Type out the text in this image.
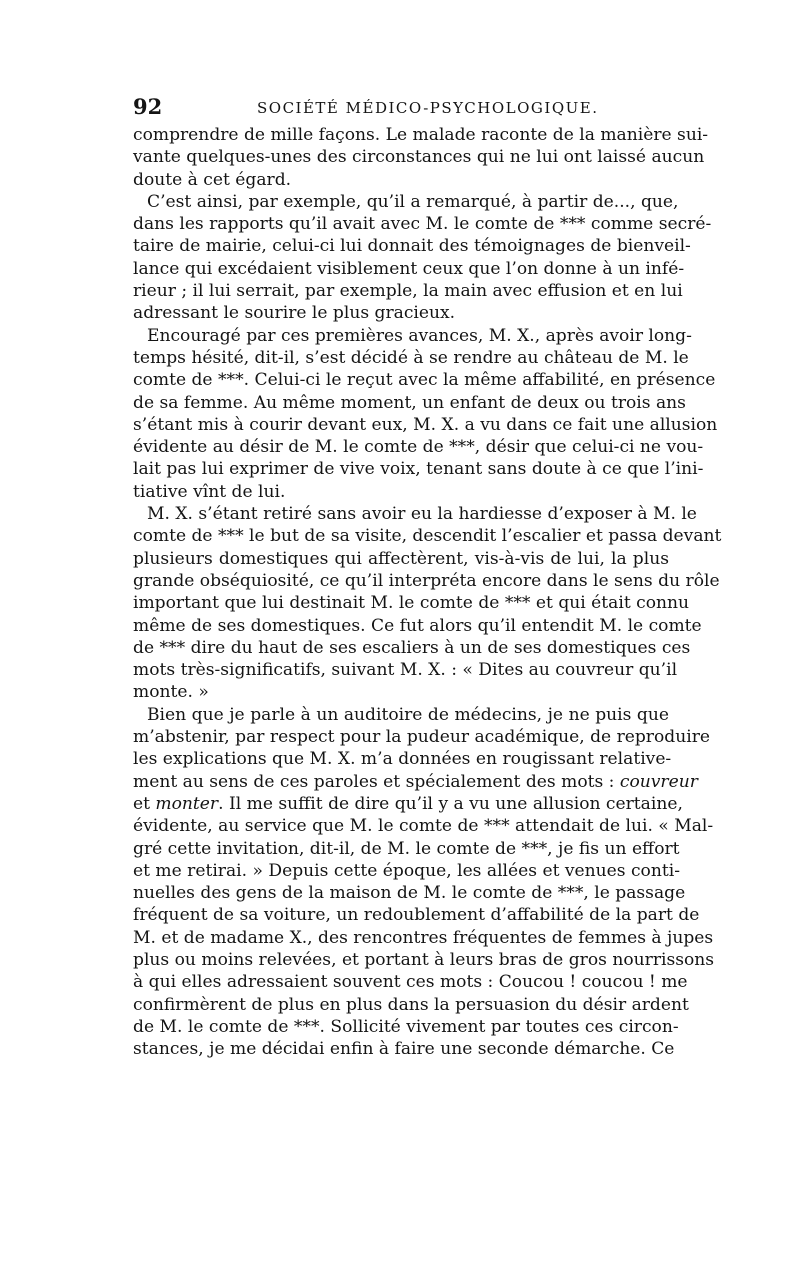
92	SOCIÉTÉ MÉDICO-PSYCHOLOGIQUE.
comprendre de mille façons. Le malade raconte de la manière sui-
vante quelques-unes des circonstances qui ne lui ont laissé aucun
doute à cet égard.
C’est ainsi, par exemple, qu’il a remarqué, à partir de..., que,
dans les rapports qu’il avait avec M. le comte de *** comme secré-
taire de mairie, celui-ci lui donnait des témoignages de bienveil-
lance qui excédaient visiblement ceux que l’on donne à un infé-
rieur ; il lui serrait, par exemple, la main avec effusion et en lui
adressant le sourire le plus gracieux.
Encouragé par ces premières avances, M. X., après avoir long-
temps hésité, dit-il, s’est décidé à se rendre au château de M. le
comte de ***. Celui-ci le reçut avec la même affabilité, en présence
de sa femme. Au même moment, un enfant de deux ou trois ans
s’étant mis à courir devant eux, M. X. a vu dans ce fait une allusion
évidente au désir de M. le comte de ***, désir que celui-ci ne vou-
lait pas lui exprimer de vive voix, tenant sans doute à ce que l’ini-
tiative vînt de lui.
M. X. s’étant retiré sans avoir eu la hardiesse d’exposer à M. le
comte de *** le but de sa visite, descendit l’escalier et passa devant
plusieurs domestiques qui affectèrent, vis-à-vis de lui, la plus
grande obséquiosité, ce qu’il interpréta encore dans le sens du rôle
important que lui destinait M. le comte de *** et qui était connu
même de ses domestiques. Ce fut alors qu’il entendit M. le comte
de *** dire du haut de ses escaliers à un de ses domestiques ces
mots très-significatifs, suivant M. X. : « Dites au couvreur qu’il
monte. »
Bien que je parle à un auditoire de médecins, je ne puis que
m’abstenir, par respect pour la pudeur académique, de reproduire
les explications que M. X. m’a données en rougissant relative-
ment au sens de ces paroles et spécialement des mots : couvreur
et monter. Il me suffit de dire qu’il y a vu une allusion certaine,
évidente, au service que M. le comte de *** attendait de lui. « Mal-
gré cette invitation, dit-il, de M. le comte de ***, je fis un effort
et me retirai. » Depuis cette époque, les allées et venues conti-
nuelles des gens de la maison de M. le comte de ***, le passage
fréquent de sa voiture, un redoublement d’affabilité de la part de
M. et de madame X., des rencontres fréquentes de femmes à jupes
plus ou moins relevées, et portant à leurs bras de gros nourrissons
à qui elles adressaient souvent ces mots : Coucou ! coucou ! me
confirmèrent de plus en plus dans la persuasion du désir ardent
de M. le comte de ***. Sollicité vivement par toutes ces circon-
stances, je me décidai enfin à faire une seconde démarche. Ce
